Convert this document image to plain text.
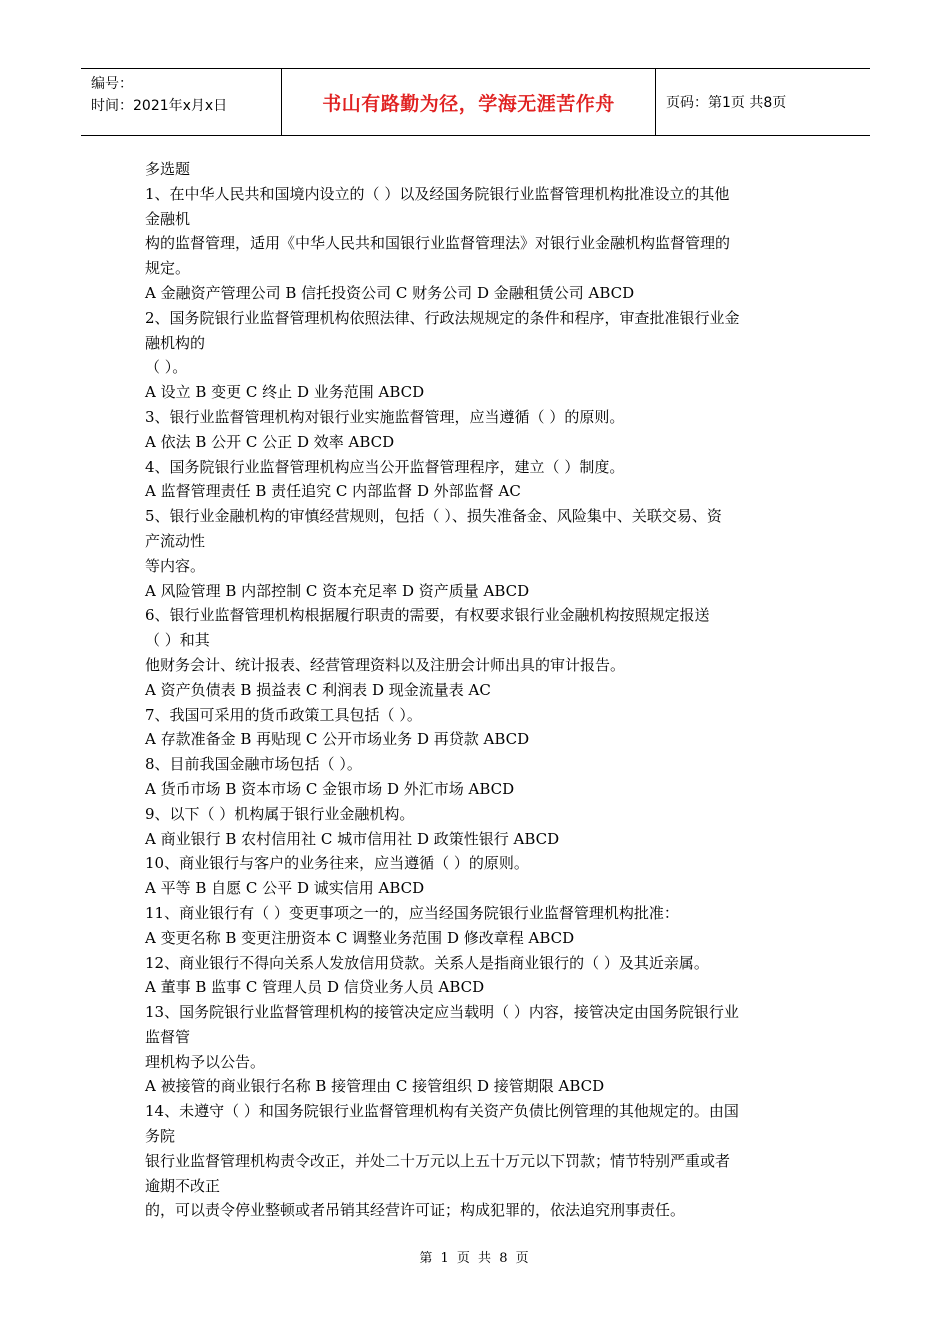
编号：
时间：2021年x月x日	书山有路勤为径，学海无涯苦作舟	页码：第1页 共8页
多选题
1、在中华人民共和国境内设立的（ ）以及经国务院银行业监督管理机构批准设立的其他
金融机
构的监督管理，适用《中华人民共和国银行业监督管理法》对银行业金融机构监督管理的
规定。
A 金融资产管理公司 B 信托投资公司 C 财务公司 D 金融租赁公司 ABCD
2、国务院银行业监督管理机构依照法律、行政法规规定的条件和程序，审查批准银行业金
融机构的
（ ）。
A 设立 B 变更 C 终止 D 业务范围 ABCD
3、银行业监督管理机构对银行业实施监督管理，应当遵循（ ）的原则。
A 依法 B 公开 C 公正 D 效率 ABCD
4、国务院银行业监督管理机构应当公开监督管理程序，建立（ ）制度。
A 监督管理责任 B 责任追究 C 内部监督 D 外部监督 AC
5、银行业金融机构的审慎经营规则，包括（ ）、损失准备金、风险集中、关联交易、资
产流动性
等内容。
A 风险管理 B 内部控制 C 资本充足率 D 资产质量 ABCD
6、银行业监督管理机构根据履行职责的需要，有权要求银行业金融机构按照规定报送
（ ）和其
他财务会计、统计报表、经营管理资料以及注册会计师出具的审计报告。
A 资产负债表 B 损益表 C 利润表 D 现金流量表 AC
7、我国可采用的货币政策工具包括（ ）。
A 存款准备金 B 再贴现 C 公开市场业务 D 再贷款 ABCD
8、目前我国金融市场包括（ ）。
A 货币市场 B 资本市场 C 金银市场 D 外汇市场 ABCD
9、以下（ ）机构属于银行业金融机构。
A 商业银行 B 农村信用社 C 城市信用社 D 政策性银行 ABCD
10、商业银行与客户的业务往来，应当遵循（ ）的原则。
A 平等 B 自愿 C 公平 D 诚实信用 ABCD
11、商业银行有（ ）变更事项之一的，应当经国务院银行业监督管理机构批准：
A 变更名称 B 变更注册资本 C 调整业务范围 D 修改章程 ABCD
12、商业银行不得向关系人发放信用贷款。关系人是指商业银行的（ ）及其近亲属。
A 董事 B 监事 C 管理人员 D 信贷业务人员 ABCD
13、国务院银行业监督管理机构的接管决定应当载明（ ）内容，接管决定由国务院银行业
监督管
理机构予以公告。
A 被接管的商业银行名称 B 接管理由 C 接管组织 D 接管期限 ABCD
14、未遵守（ ）和国务院银行业监督管理机构有关资产负债比例管理的其他规定的。由国
务院
银行业监督管理机构责令改正，并处二十万元以上五十万元以下罚款；情节特别严重或者
逾期不改正
的，可以责令停业整顿或者吊销其经营许可证；构成犯罪的，依法追究刑事责任。
第 1 页 共 8 页
